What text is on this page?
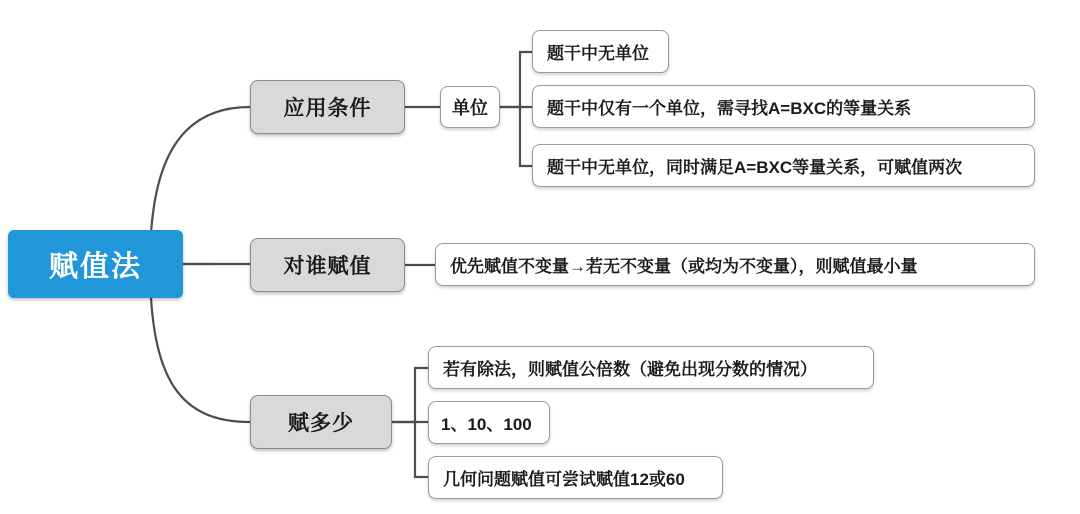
赋值法
应用条件	单位
题干中无单位
题干中仅有一个单位，需寻找A=BXC的等量关系
题干中无单位，同时满足A=BXC等量关系，可赋值两次
对谁赋值	优先赋值不变量→若无不变量（或均为不变量），则赋值最小量
赋多少
若有除法，则赋值公倍数（避免出现分数的情况）
1、10、100
几何问题赋值可尝试赋值12或60
